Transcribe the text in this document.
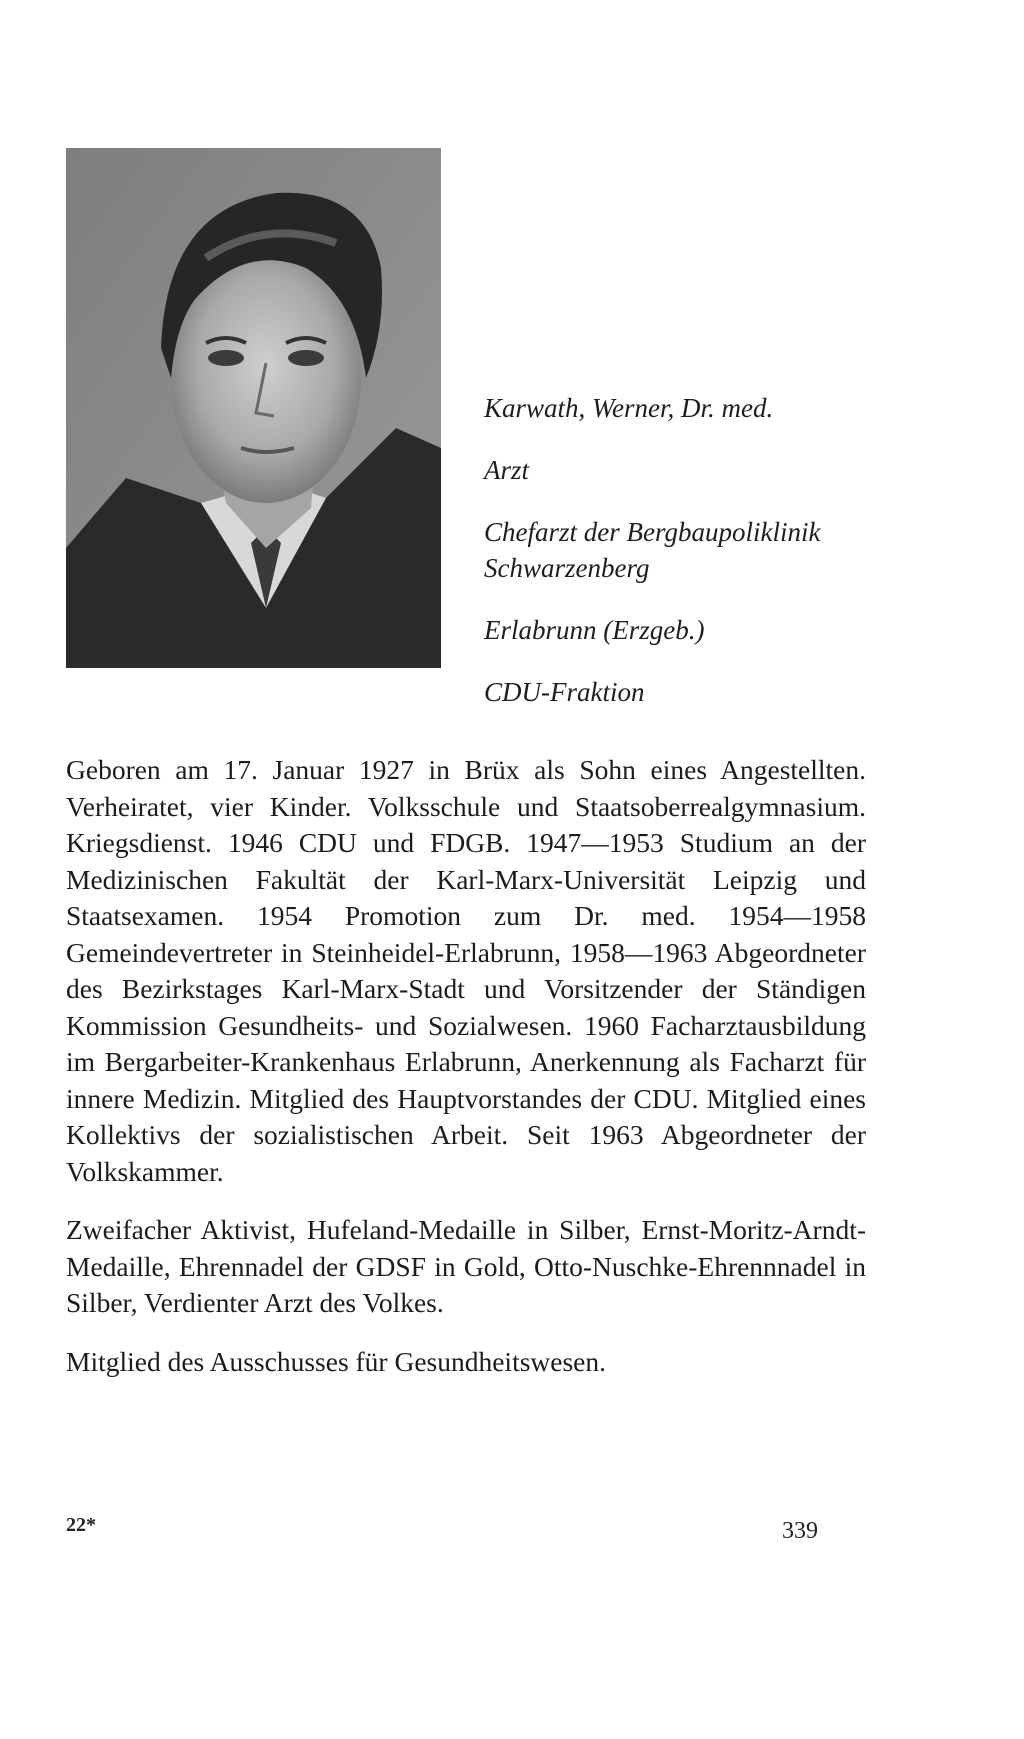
Karwath, Werner, Dr. med.

Arzt

Chefarzt der Bergbaupoliklinik Schwarzenberg

Erlabrunn (Erzgeb.)

CDU-Fraktion

Geboren am 17. Januar 1927 in Brüx als Sohn eines Angestellten. Verheiratet, vier Kinder. Volksschule und Staatsoberrealgymnasium. Kriegsdienst. 1946 CDU und FDGB. 1947—1953 Studium an der Medizinischen Fakultät der Karl-Marx-Universität Leipzig und Staatsexamen. 1954 Promotion zum Dr. med. 1954—1958 Gemeindevertreter in Steinheidel-Erlabrunn, 1958—1963 Abgeordneter des Bezirkstages Karl-Marx-Stadt und Vorsitzender der Ständigen Kommission Gesundheits- und Sozialwesen. 1960 Facharztausbildung im Bergarbeiter-Krankenhaus Erlabrunn, Anerkennung als Facharzt für innere Medizin. Mitglied des Hauptvorstandes der CDU. Mitglied eines Kollektivs der sozialistischen Arbeit. Seit 1963 Abgeordneter der Volkskammer.

Zweifacher Aktivist, Hufeland-Medaille in Silber, Ernst-Moritz-Arndt-Medaille, Ehrennadel der GDSF in Gold, Otto-Nuschke-Ehrennnadel in Silber, Verdienter Arzt des Volkes.

Mitglied des Ausschusses für Gesundheitswesen.

22*	339
